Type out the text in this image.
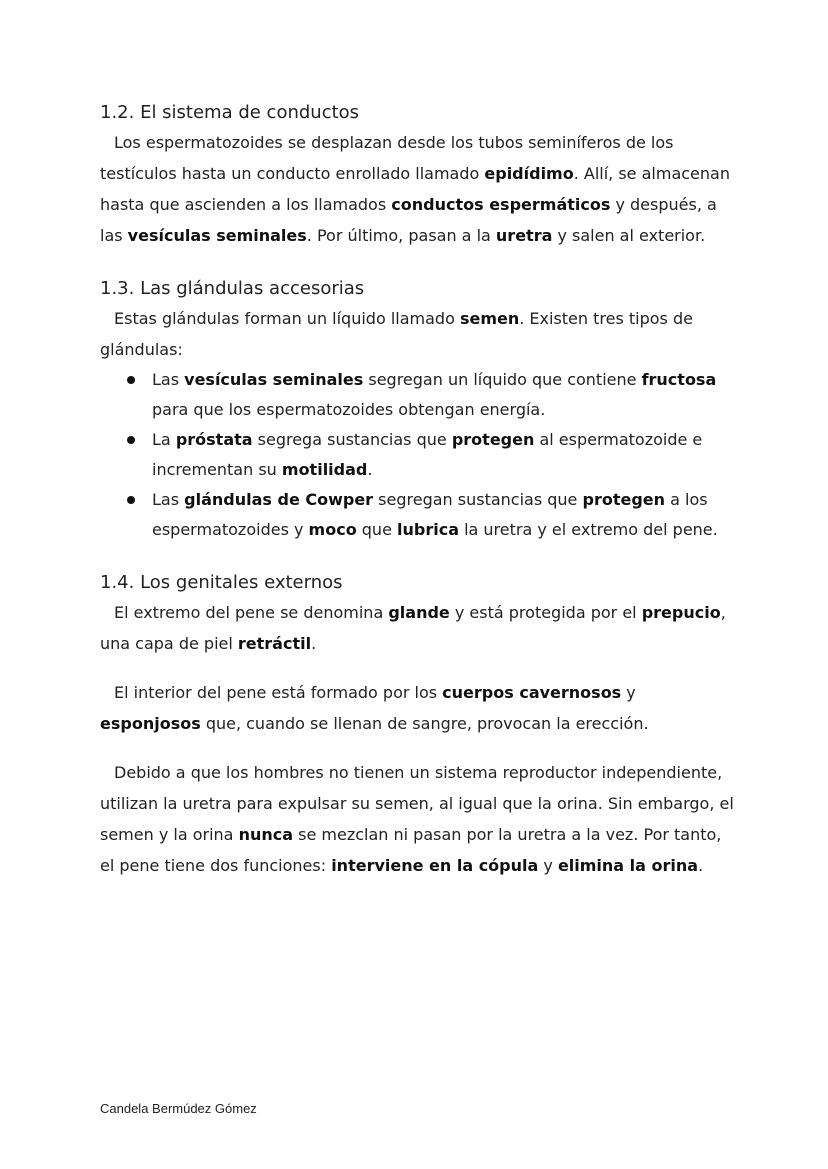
1.2. El sistema de conductos

Los espermatozoides se desplazan desde los tubos seminíferos de los testículos hasta un conducto enrollado llamado epidídimo. Allí, se almacenan hasta que ascienden a los llamados conductos espermáticos y después, a las vesículas seminales. Por último, pasan a la uretra y salen al exterior.

1.3. Las glándulas accesorias

Estas glándulas forman un líquido llamado semen. Existen tres tipos de glándulas:

Las vesículas seminales segregan un líquido que contiene fructosa para que los espermatozoides obtengan energía.
La próstata segrega sustancias que protegen al espermatozoide e incrementan su motilidad.
Las glándulas de Cowper segregan sustancias que protegen a los espermatozoides y moco que lubrica la uretra y el extremo del pene.
1.4. Los genitales externos

El extremo del pene se denomina glande y está protegida por el prepucio, una capa de piel retráctil.

El interior del pene está formado por los cuerpos cavernosos y esponjosos que, cuando se llenan de sangre, provocan la erección.

Debido a que los hombres no tienen un sistema reproductor independiente, utilizan la uretra para expulsar su semen, al igual que la orina. Sin embargo, el semen y la orina nunca se mezclan ni pasan por la uretra a la vez. Por tanto, el pene tiene dos funciones: interviene en la cópula y elimina la orina.

Candela Bermúdez Gómez
